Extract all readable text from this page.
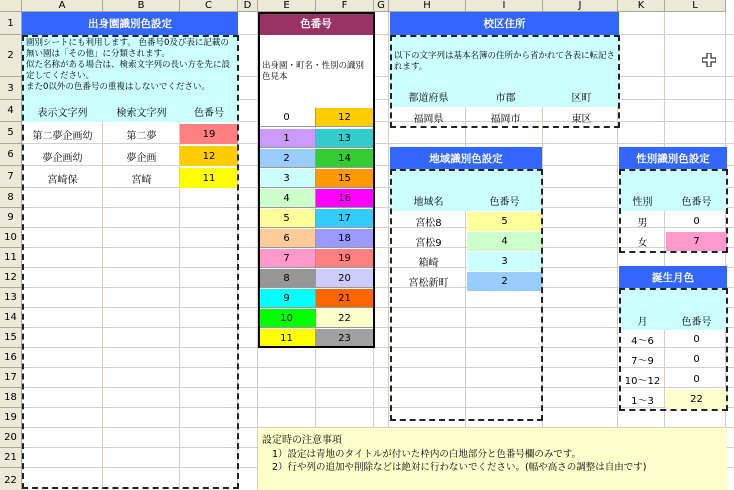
A	B	C	D	E	F	G	H	I	J	K	L
1
2
3
4
5
6
7
8
9
10
11
12
13
14
15
16
17
18
19
20
21
22
出身園識別色設定
園別シートにも利用します。 色番号0及び表に記載の無い園は「その他」に分類されます。
似た名称がある場合は、検索文字列の長い方を先に設定してください。
また0以外の色番号の重複はしないでください。
表示文字列	検索文字列	色番号
第二夢企画幼	第二夢	19
夢企画幼	夢企画	12
宮崎保	宮崎	11
色番号
出身園・町名・性別の識別色見本
0	12
1	13
2	14
3	15
4	16
5	17
6	18
7	19
8	20
9	21
10	22
11	23
校区住所
以下の文字列は基本名簿の住所から省かれて各表に転記されます。
都道府県	市郡	区町
福岡県	福岡市	東区
地域識別色設定
地域名	色番号
宮松8	5
宮松9	4
箱崎	3
宮松新町	2
性別識別色設定
性別	色番号
男	0
女	7
誕生月色
月	色番号
4～6	0
7～9	0
10～12	0
1～3	22
設定時の注意事項
1）設定は青地のタイトルが付いた枠内の白地部分と色番号欄のみです。
2）行や列の追加や削除などは絶対に行わないでください。(幅や高さの調整は自由です)
